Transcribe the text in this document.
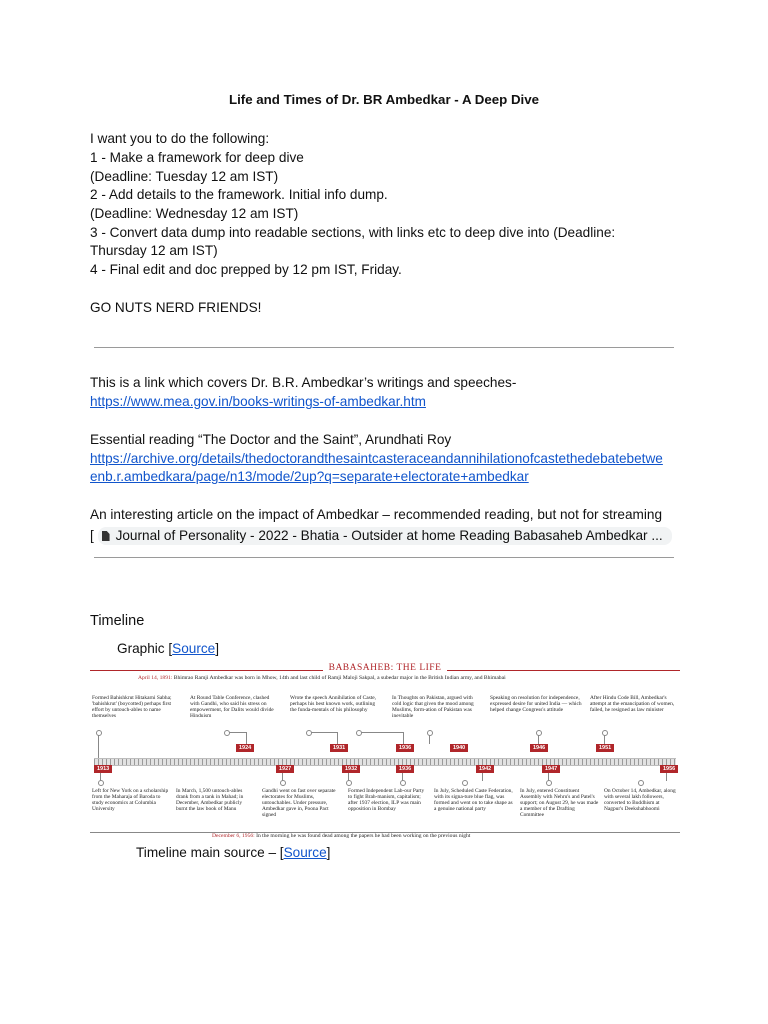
Life and Times of Dr. BR Ambedkar - A Deep Dive
I want you to do the following:
1 - Make a framework for deep dive
(Deadline: Tuesday 12 am IST)
2 - Add details to the framework. Initial info dump.
(Deadline: Wednesday 12 am IST)
3 - Convert data dump into readable sections, with links etc to deep dive into (Deadline:
Thursday 12 am IST)
4 - Final edit and doc prepped by 12 pm IST, Friday.
GO NUTS NERD FRIENDS!
This is a link which covers Dr. B.R. Ambedkar’s writings and speeches-
https://www.mea.gov.in/books-writings-of-ambedkar.htm
Essential reading “The Doctor and the Saint”, Arundhati Roy
https://archive.org/details/thedoctorandthesaintcasteraceandannihilationofcastethedebatebetwe
enb.r.ambedkara/page/n13/mode/2up?q=separate+electorate+ambedkar
An interesting article on the impact of Ambedkar – recommended reading, but not for streaming
[ Journal of Personality - 2022 - Bhatia - Outsider at home Reading Babasaheb Ambedkar ...
Timeline
Graphic [Source]
BABASAHEB: THE LIFE
April 14, 1891: Bhimrao Ramji Ambedkar was born in Mhow, 14th and last child of Ramji Maloji Sakpal, a subedar major in the British Indian army, and Bhimabai
Formed Bahishkrut Hitakarni Sabha; 'bahishkrut' (boycotted) perhaps first effort by untouch-ables to name themselves
At Round Table Conference, clashed with Gandhi, who said his stress on empowerment, for Dalits would divide Hinduism
Wrote the speech Annihilation of Caste, perhaps his best known work, outlining the funda-mentals of his philosophy
In Thoughts on Pakistan, argued with cold logic that given the mood among Muslims, form-ation of Pakistan was inevitable
Speaking on resolution for independence, expressed desire for united India — which helped change Congress's attitude
After Hindu Code Bill, Ambedkar's attempt at the emancipation of women, failed, he resigned as law minister
1924	1931	1936	1940	1946	1951
1913	1927	1932	1936	1942	1947	1956
Left for New York on a scholarship from the Maharaja of Baroda to study economics at Columbia University
In March, 1,500 untouch-ables drank from a tank in Mahad; in December, Ambedkar publicly burnt the law book of Manu
Gandhi went on fast over separate electorates for Muslims, untouchables. Under pressure, Ambedkar gave in, Poona Pact signed
Formed Independent Lab-our Party to fight Brah-manism, capitalism; after 1937 election, ILP was main opposition in Bombay
In July, Scheduled Caste Federation, with its signa-ture blue flag, was formed and went on to take shape as a genuine national party
In July, entered Constituent Assembly with Nehru's and Patel's support; on August 29, he was made a member of the Drafting Committee
On October 14, Ambedkar, along with several lakh followers, converted to Buddhism at Nagpur's Deekshabhoomi
December 6, 1956: In the morning he was found dead among the papers he had been working on the previous night
Timeline main source – [Source]
